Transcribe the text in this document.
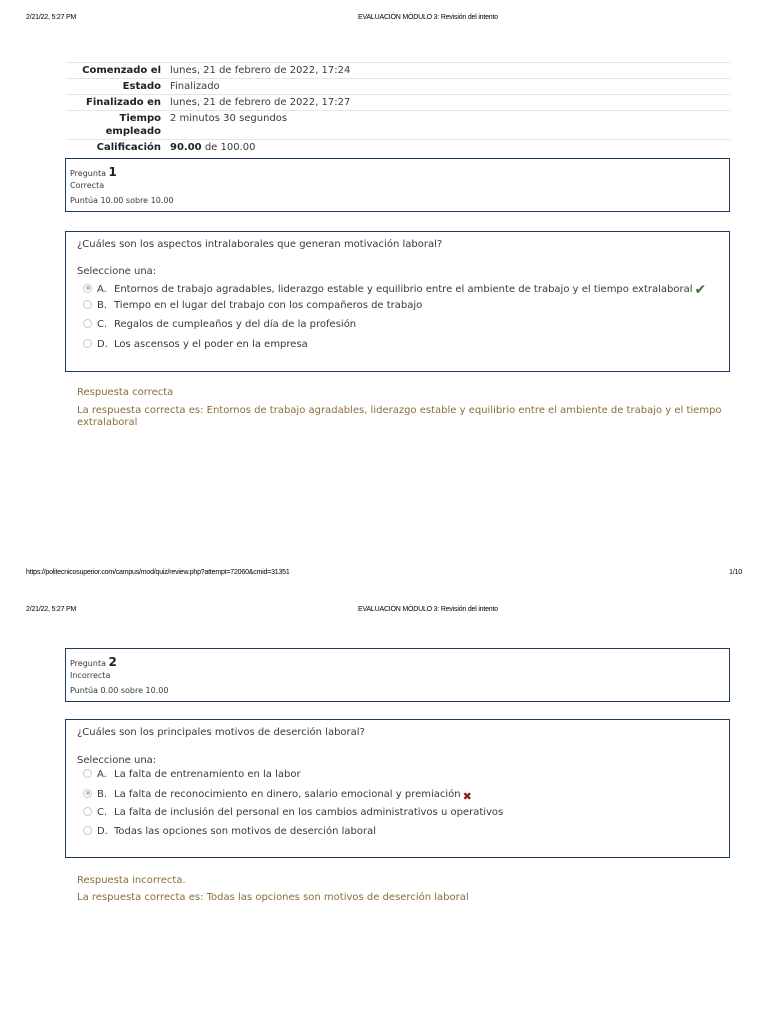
2/21/22, 5:27 PM	EVALUACIÓN MÓDULO 3: Revisión del intento
Comenzado el	lunes, 21 de febrero de 2022, 17:24
Estado	Finalizado
Finalizado en	lunes, 21 de febrero de 2022, 17:27
Tiempo empleado	2 minutos 30 segundos
Calificación	90.00 de 100.00
Pregunta 1
Correcta
Puntúa 10.00 sobre 10.00
¿Cuáles son los aspectos intralaborales que generan motivación laboral?
Seleccione una:
A. Entornos de trabajo agradables, liderazgo estable y equilibrio entre el ambiente de trabajo y el tiempo extralaboral ✔
B. Tiempo en el lugar del trabajo con los compañeros de trabajo
C. Regalos de cumpleaños y del día de la profesión
D. Los ascensos y el poder en la empresa
Respuesta correcta
La respuesta correcta es: Entornos de trabajo agradables, liderazgo estable y equilibrio entre el ambiente de trabajo y el tiempo extralaboral
https://politecnicosuperior.com/campus/mod/quiz/review.php?attempt=72060&cmid=31351	1/10
2/21/22, 5:27 PM	EVALUACIÓN MÓDULO 3: Revisión del intento
Pregunta 2
Incorrecta
Puntúa 0.00 sobre 10.00
¿Cuáles son los principales motivos de deserción laboral?
Seleccione una:
A. La falta de entrenamiento en la labor
B. La falta de reconocimiento en dinero, salario emocional y premiación ✖
C. La falta de inclusión del personal en los cambios administrativos u operativos
D. Todas las opciones son motivos de deserción laboral
Respuesta incorrecta.
La respuesta correcta es: Todas las opciones son motivos de deserción laboral
